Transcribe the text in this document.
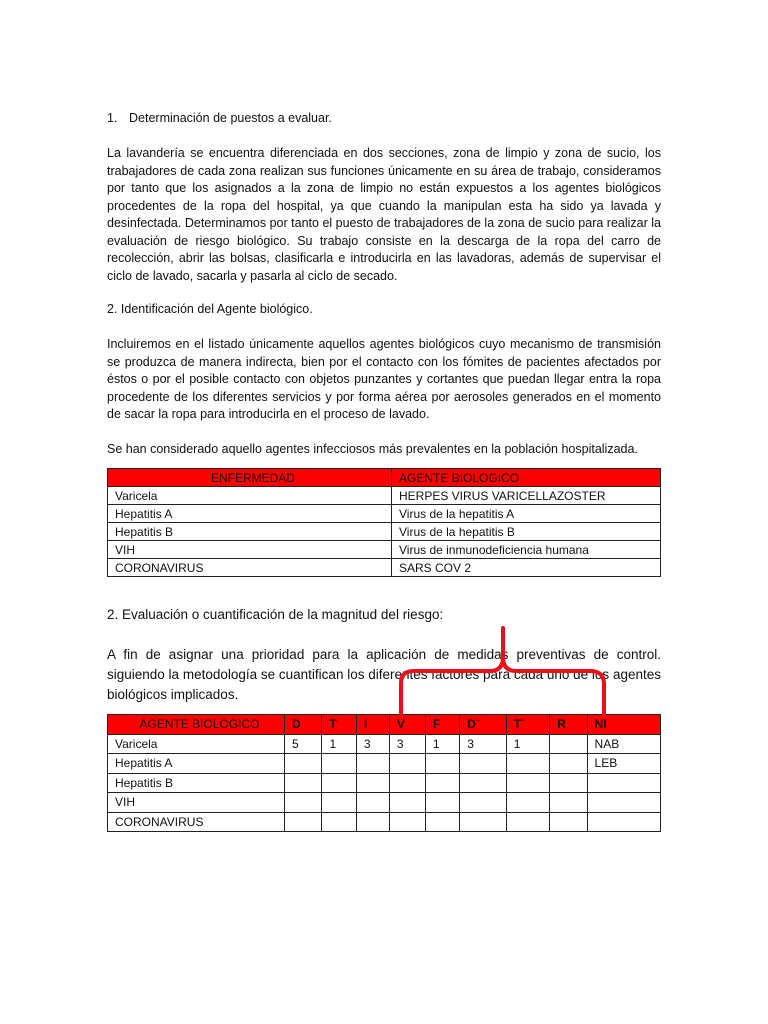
1. Determinación de puestos a evaluar.
La lavandería se encuentra diferenciada en dos secciones, zona de limpio y zona de sucio, los trabajadores de cada zona realizan sus funciones únicamente en su área de trabajo, consideramos por tanto que los asignados a la zona de limpio no están expuestos a los agentes biológicos procedentes de la ropa del hospital, ya que cuando la manipulan esta ha sido ya lavada y desinfectada. Determinamos por tanto el puesto de trabajadores de la zona de sucio para realizar la evaluación de riesgo biológico. Su trabajo consiste en la descarga de la ropa del carro de recolección, abrir las bolsas, clasificarla e introducirla en las lavadoras, además de supervisar el ciclo de lavado, sacarla y pasarla al ciclo de secado.
2. Identificación del Agente biológico.
Incluiremos en el listado únicamente aquellos agentes biológicos cuyo mecanismo de transmisión se produzca de manera indirecta, bien por el contacto con los fómites de pacientes afectados por éstos o por el posible contacto con objetos punzantes y cortantes que puedan llegar entra la ropa procedente de los diferentes servicios y por forma aérea por aerosoles generados en el momento de sacar la ropa para introducirla en el proceso de lavado.
Se han considerado aquello agentes infecciosos más prevalentes en la población hospitalizada.
ENFERMEDAD	AGENTE BIOLOGICO
Varicela	HERPES VIRUS VARICELLAZOSTER
Hepatitis A	Virus de la hepatitis A
Hepatitis B	Virus de la hepatitis B
VIH	Virus de inmunodeficiencia humana
CORONAVIRUS	SARS COV 2
2. Evaluación o cuantificación de la magnitud del riesgo:
A fin de asignar una prioridad para la aplicación de medidas preventivas de control. siguiendo la metodología se cuantifican los diferentes factores para cada uno de los agentes biológicos implicados.
AGENTE BIOLOGICO	D	T	I	V	F	D¨	T¨	R	NI
Varicela	5	1	3	3	1	3	1		NAB
Hepatitis A									LEB
Hepatitis B									
VIH									
CORONAVIRUS									
